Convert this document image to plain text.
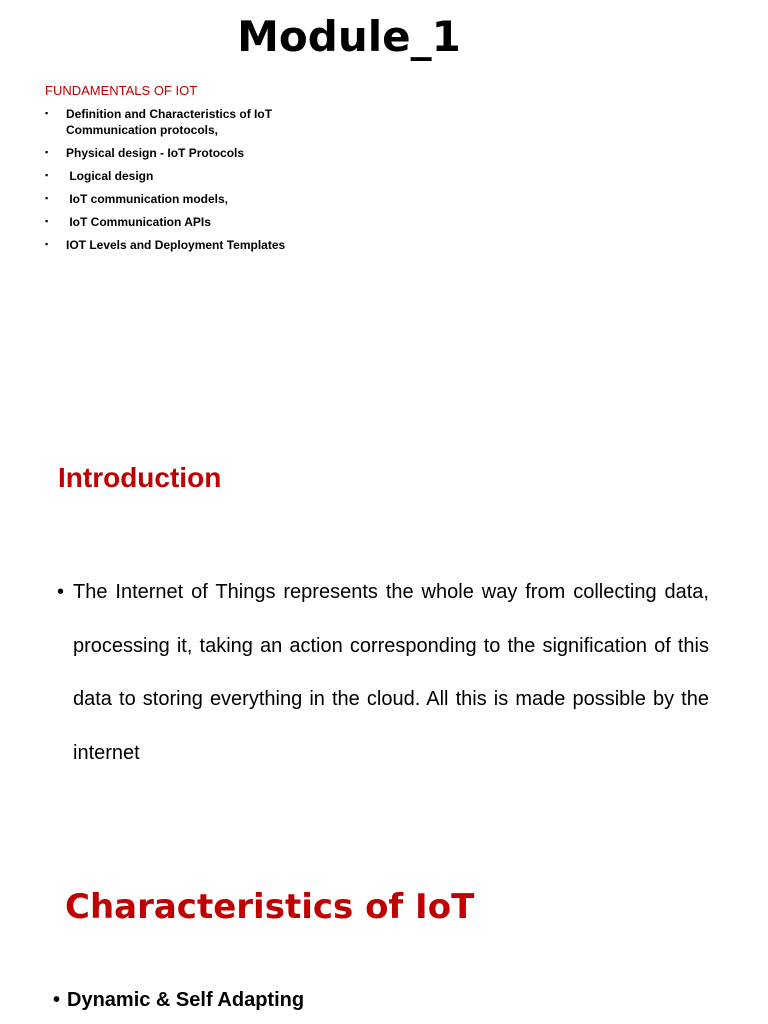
Module_1
FUNDAMENTALS OF IOT
▪ Definition and Characteristics of IoT
Communication protocols,
▪ Physical design - IoT Protocols
▪ Logical design
▪ IoT communication models,
▪ IoT Communication APIs
▪ IOT Levels and Deployment Templates
Introduction

• The Internet of Things represents the whole way from collecting data, processing it, taking an action corresponding to the signification of this data to storing everything in the cloud. All this is made possible by the internet

Characteristics of IoT
• Dynamic & Self Adapting
